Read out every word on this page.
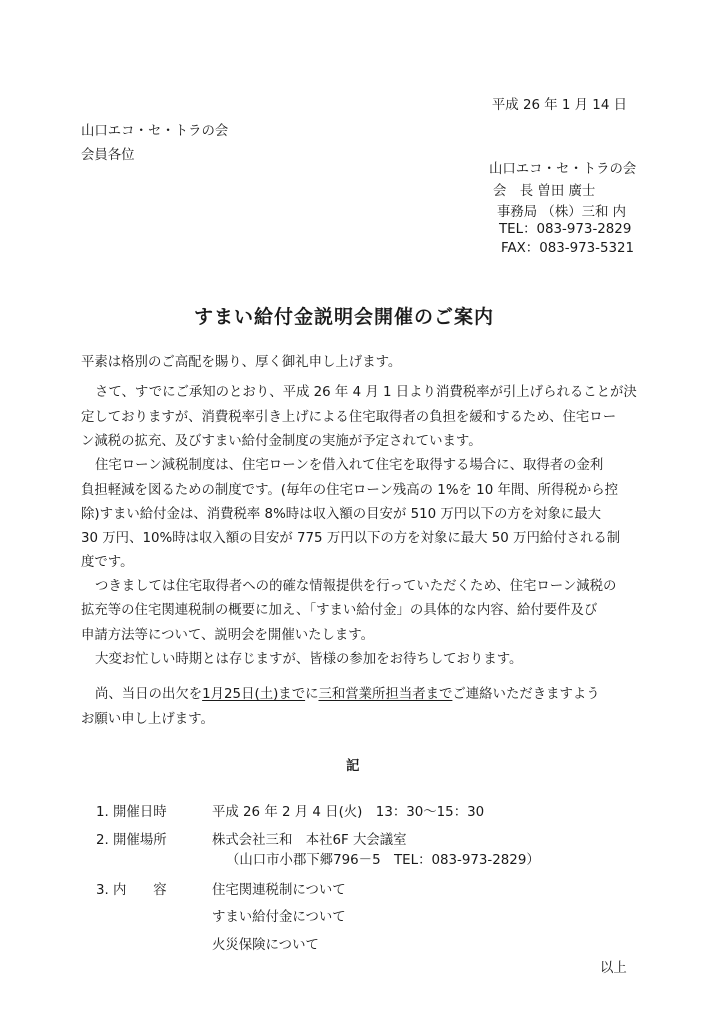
平成 26 年 1 月 14 日
山口エコ・セ・トラの会
会員各位
山口エコ・セ・トラの会
会　長 曽田 廣士
事務局 （株）三和 内
TEL：083-973-2829
FAX：083-973-5321
すまい給付金説明会開催のご案内
平素は格別のご高配を賜り、厚く御礼申し上げます。
さて、すでにご承知のとおり、平成 26 年 4 月 1 日より消費税率が引上げられることが決
定しておりますが、消費税率引き上げによる住宅取得者の負担を緩和するため、住宅ロー
ン減税の拡充、及びすまい給付金制度の実施が予定されています。
住宅ローン減税制度は、住宅ローンを借入れて住宅を取得する場合に、取得者の金利
負担軽減を図るための制度です。(毎年の住宅ローン残高の 1%を 10 年間、所得税から控
除)すまい給付金は、消費税率 8%時は収入額の目安が 510 万円以下の方を対象に最大
30 万円、10%時は収入額の目安が 775 万円以下の方を対象に最大 50 万円給付される制
度です。
つきましては住宅取得者への的確な情報提供を行っていただくため、住宅ローン減税の
拡充等の住宅関連税制の概要に加え、「すまい給付金」の具体的な内容、給付要件及び
申請方法等について、説明会を開催いたします。
大変お忙しい時期とは存じますが、皆様の参加をお待ちしております。
尚、当日の出欠を1月25日(土)までに三和営業所担当者までご連絡いただきますよう
お願い申し上げます。
記
1. 開催日時	平成 26 年 2 月 4 日(火)　13：30～15：30
2. 開催場所	株式会社三和　本社6F 大会議室
（山口市小郡下郷796－5　TEL：083-973-2829）
3. 内　　容	住宅関連税制について
すまい給付金について
火災保険について
以上
